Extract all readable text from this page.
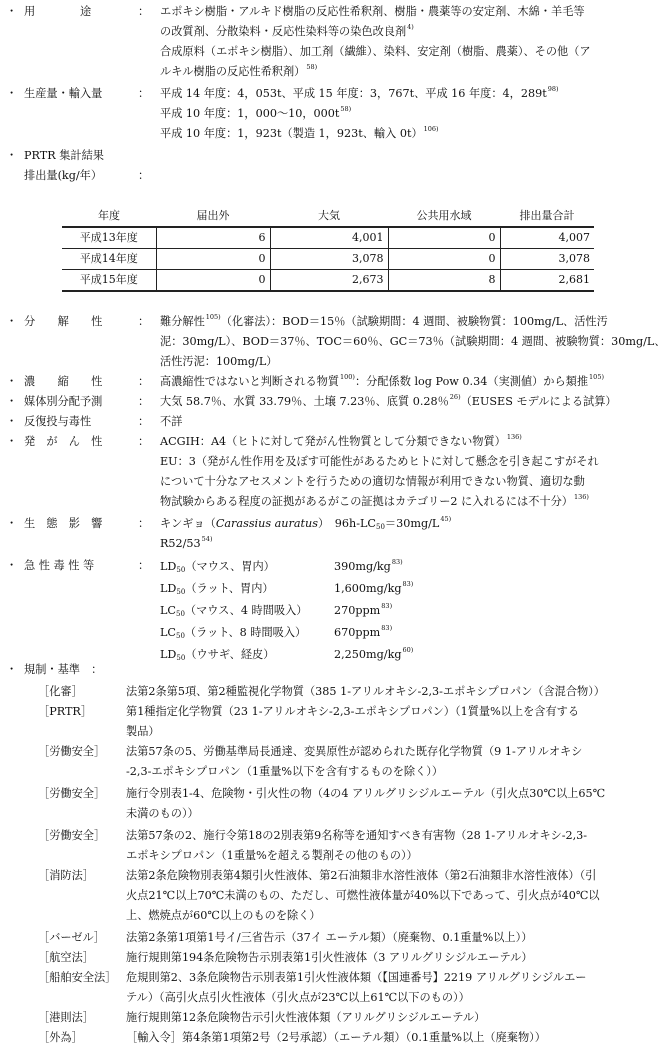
・ 用　　　　途	： エポキシ樹脂・アルキド樹脂の反応性希釈剤、樹脂・農薬等の安定剤、木綿・羊毛等

の改質剤、分散染料・反応性染料等の染色改良剤$^{4)}$

合成原料（エポキシ樹脂）、加工剤（繊維）、染料、安定剤（樹脂、農薬）、その他（ア

ルキル樹脂の反応性希釈剤）$^{58)}$

・ 生産量・輸入量	： 平成 14 年度：4，053t、平成 15 年度：3，767t、平成 16 年度：4，$289t^{98)}$

平成 10 年度：1，000～10，$000t^{58)}$

平成 10 年度：1，923t（製造 1，923t、輸入 0t）$^{106)}$

・ PRTR 集計結果
排出量(kg/年）	：
年度	届出外	大気	公共用水域	排出量合計
平成13年度	6	4,001	0	4,007
平成14年度	0	3,078	0	3,078
平成15年度	0	2,673	8	2,681
・ 分　　解　　性	： 難分解性$^{105)}$（化審法）：BOD＝15％（試験期間：4 週間、被験物質：100mg/L、活性汚

泥：30mg/L）、BOD＝37％、TOC＝60％、GC＝73％（試験期間：4 週間、被験物質：30mg/L、

活性汚泥：100mg/L）

・ 濃　　縮　　性	： 高濃縮性ではないと判断される物質$^{100)}$：分配係数 log Pow 0.34（実測値）から類推$^{105)}$

・ 媒体別分配予測	： 大気 58.7％、水質 33.79％、土壌 7.23％、底質 0.28％$^{26)}$（EUSES モデルによる試算）

・ 反復投与毒性	： 不詳

・ 発　が　ん　性	： ACGIH：A4（ヒトに対して発がん性物質として分類できない物質）$^{136)}$

EU：3（発がん性作用を及ぼす可能性があるためヒトに対して懸念を引き起こすがそれ

について十分なアセスメントを行うための適切な情報が利用できない物質、適切な動

物試験からある程度の証拠があるがこの証拠はカテゴリー2 に入れるには不十分）$^{136)}$

・ 生　態　影　響	： キンギョ（Carassius auratus）　$96h-LC_{50}=30mg/L^{45)}$

R52/53$^{54)}$

・ 急 性 毒 性 等	： $LD_{50}$（マウス、胃内）	$390mg/kg^{83)}$

$LD_{50}$（ラット、胃内）	$1,600mg/kg^{83)}$

$LC_{50}$（マウス、4 時間吸入） 270ppm$^{83)}$

$LC_{50}$（ラット、8 時間吸入） 670ppm$^{83)}$

$LD_{50}$（ウサギ、経皮）	$2,250mg/kg^{60)}$

・ 規制・基準　：
［化審］	法第2条第5項、第2種監視化学物質（385 1-アリルオキシ-2,3-エポキシプロパン（含混合物））

［PRTR］	第1種指定化学物質（23 1-アリルオキシ-2,3-エポキシプロパン）（1質量%以上を含有する

製品）

［労働安全］ 法第57条の5、労働基準局長通達、変異原性が認められた既存化学物質（9 1-アリルオキシ

-2,3-エポキシプロパン（1重量%以下を含有するものを除く））

［労働安全］ 施行令別表1-4、危険物・引火性の物（4の4 アリルグリシジルエーテル（引火点30℃以上65℃

未満のもの））

［労働安全］ 法第57条の2、施行令第18の2別表第9名称等を通知すべき有害物（28 1-アリルオキシ-2,3-

エポキシプロパン（1重量%を超える製剤その他のもの））

［消防法］	法第2条危険物別表第4類引火性液体、第2石油類非水溶性液体（第2石油類非水溶性液体）（引

火点21℃以上70℃未満のもの、ただし、可燃性液体量が40%以下であって、引火点が40℃以

上、燃焼点が60℃以上のものを除く）

［バーゼル］ 法第2条第1項第1号イ/三省告示（37イ エーテル類）（廃棄物、0.1重量%以上））

［航空法］	施行規則第194条危険物告示別表第1引火性液体（3 アリルグリシジルエーテル）

［船舶安全法］ 危規則第2、3条危険物告示別表第1引火性液体類（【国連番号】2219 アリルグリシジルエー

テル）（高引火点引火性液体（引火点が23℃以上61℃以下のもの））

［港則法］	施行規則第12条危険物告示引火性液体類（アリルグリシジルエーテル）

［外為］	［輸入令］第4条第1項第2号（2号承認）（エーテル類）（0.1重量%以上（廃棄物））
